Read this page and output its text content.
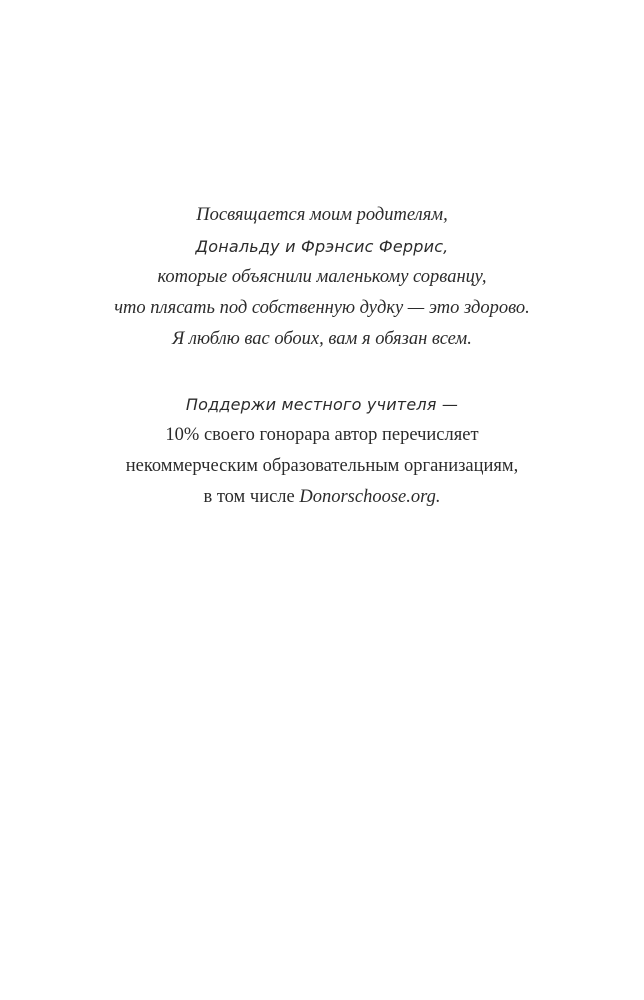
Посвящается моим родителям,
Дональду и Фрэнсис Феррис,
которые объяснили маленькому сорванцу,
что плясать под собственную дудку — это здорово.
Я люблю вас обоих, вам я обязан всем.
Поддержи местного учителя —
10% своего гонорара автор перечисляет
некоммерческим образовательным организациям,
в том числе Donorschoose.org.
